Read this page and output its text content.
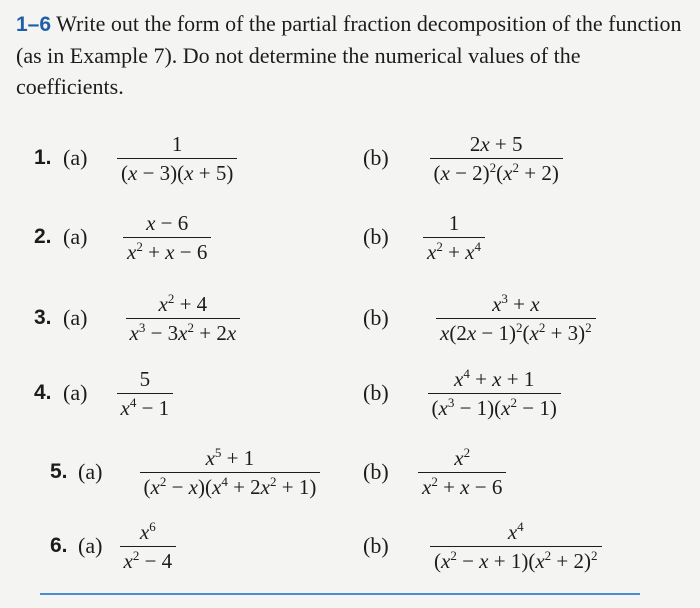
1–6 Write out the form of the partial fraction decomposition of the function (as in Example 7). Do not determine the numerical values of the coefficients.
1. (a)
1
(x − 3)(x + 5)
(b)
2x + 5
$(x - 2)^2(x^2 + 2)$
2. (a)
x − 6
$x^2 + x - 6$
(b)
1
$x^2 + x^4$
3. (a)
$x^2 + 4$
$x^3 - 3x^2 + 2x$
(b)
$x^3 + x$
$x(2x - 1)^2(x^2 + 3)^2$
4. (a)
5
$x^4 - 1$
(b)
$x^4 + x + 1$
$(x^3 - 1)(x^2 - 1)$
5. (a)
$x^5 + 1$
$(x^2 - x)(x^4 + 2x^2 + 1)$
(b)
$x^2$
$x^2 + x - 6$
6. (a)
$x^6$
$x^2 - 4$
(b)
$x^4$
$(x^2 - x + 1)(x^2 + 2)^2$
